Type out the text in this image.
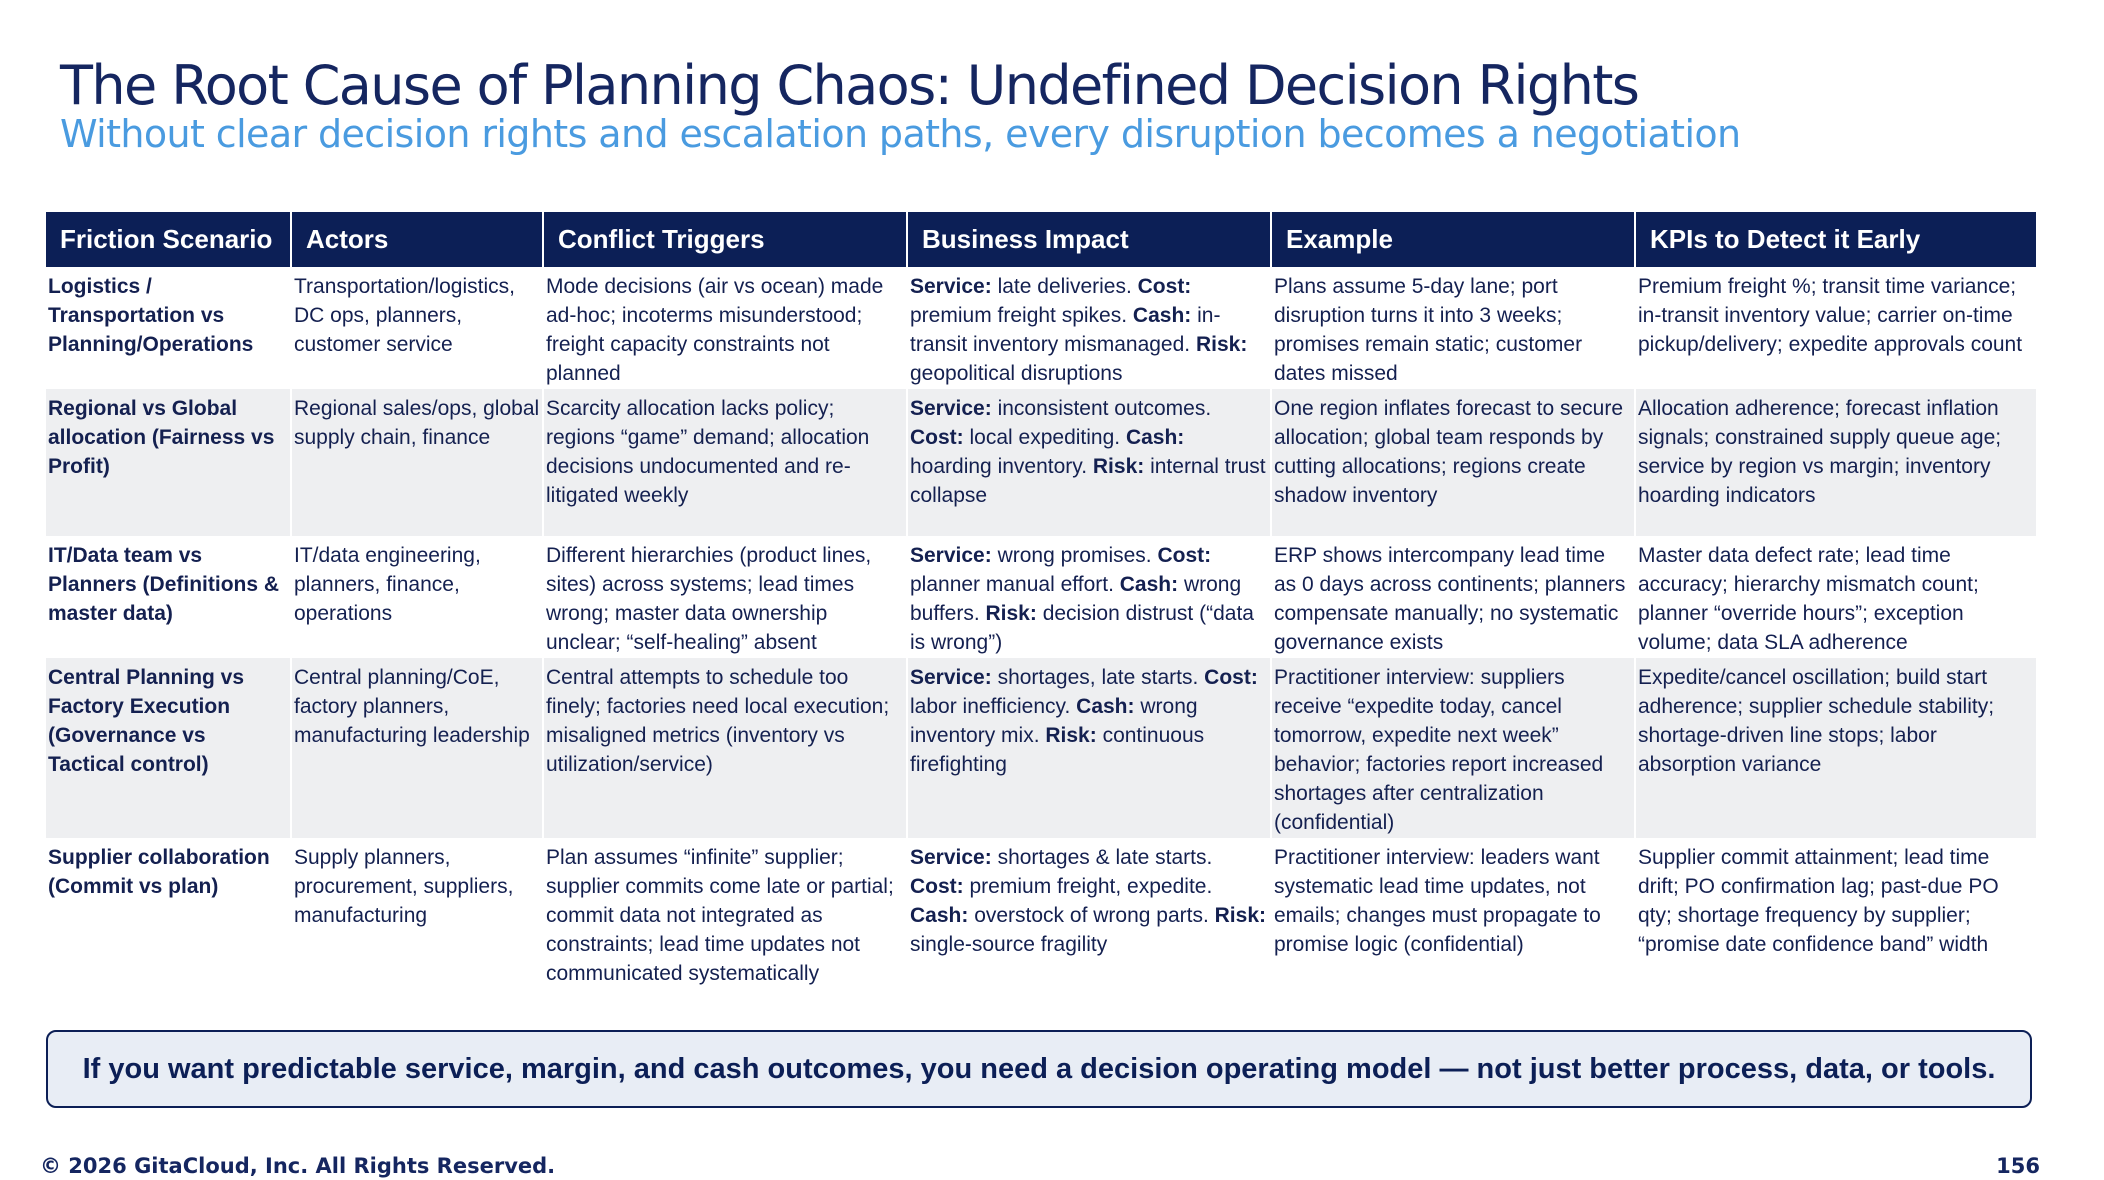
The Root Cause of Planning Chaos: Undefined Decision Rights
Without clear decision rights and escalation paths, every disruption becomes a negotiation
Friction Scenario	Actors	Conflict Triggers	Business Impact	Example	KPIs to Detect it Early
Logistics / Transportation vs Planning/Operations	Transportation/logistics, DC ops, planners, customer service	Mode decisions (air vs ocean) made ad-hoc; incoterms misunderstood; freight capacity constraints not planned	Service: late deliveries. Cost: premium freight spikes. Cash: in-transit inventory mismanaged. Risk: geopolitical disruptions	Plans assume 5-day lane; port disruption turns it into 3 weeks; promises remain static; customer dates missed	Premium freight %; transit time variance; in-transit inventory value; carrier on-time pickup/delivery; expedite approvals count
Regional vs Global allocation (Fairness vs Profit)	Regional sales/ops, global supply chain, finance	Scarcity allocation lacks policy; regions “game” demand; allocation decisions undocumented and re-litigated weekly	Service: inconsistent outcomes. Cost: local expediting. Cash: hoarding inventory. Risk: internal trust collapse	One region inflates forecast to secure allocation; global team responds by cutting allocations; regions create shadow inventory	Allocation adherence; forecast inflation signals; constrained supply queue age; service by region vs margin; inventory hoarding indicators
IT/Data team vs Planners (Definitions & master data)	IT/data engineering, planners, finance, operations	Different hierarchies (product lines, sites) across systems; lead times wrong; master data ownership unclear; “self-healing” absent	Service: wrong promises. Cost: planner manual effort. Cash: wrong buffers. Risk: decision distrust (“data is wrong”)	ERP shows intercompany lead time as 0 days across continents; planners compensate manually; no systematic governance exists	Master data defect rate; lead time accuracy; hierarchy mismatch count; planner “override hours”; exception volume; data SLA adherence
Central Planning vs Factory Execution (Governance vs Tactical control)	Central planning/CoE, factory planners, manufacturing leadership	Central attempts to schedule too finely; factories need local execution; misaligned metrics (inventory vs utilization/service)	Service: shortages, late starts. Cost: labor inefficiency. Cash: wrong inventory mix. Risk: continuous firefighting	Practitioner interview: suppliers receive “expedite today, cancel tomorrow, expedite next week” behavior; factories report increased shortages after centralization (confidential)	Expedite/cancel oscillation; build start adherence; supplier schedule stability; shortage-driven line stops; labor absorption variance
Supplier collaboration (Commit vs plan)	Supply planners, procurement, suppliers, manufacturing	Plan assumes “infinite” supplier; supplier commits come late or partial; commit data not integrated as constraints; lead time updates not communicated systematically	Service: shortages & late starts. Cost: premium freight, expedite. Cash: overstock of wrong parts. Risk: single-source fragility	Practitioner interview: leaders want systematic lead time updates, not emails; changes must propagate to promise logic (confidential)	Supplier commit attainment; lead time drift; PO confirmation lag; past-due PO qty; shortage frequency by supplier; “promise date confidence band” width
If you want predictable service, margin, and cash outcomes, you need a decision operating model — not just better process, data, or tools.
© 2026 GitaCloud, Inc. All Rights Reserved.	156
